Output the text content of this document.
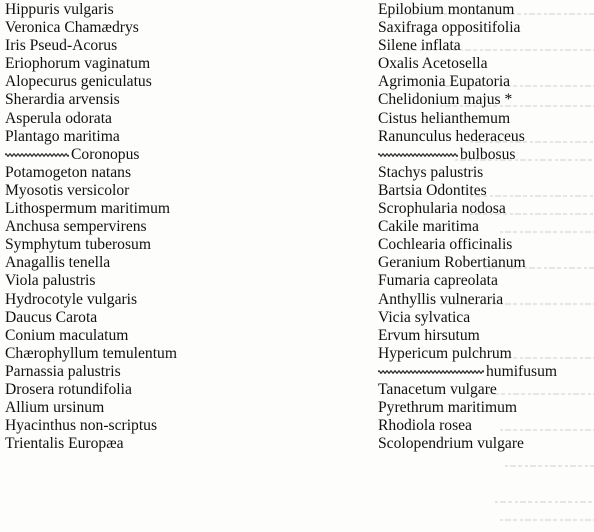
Hippuris vulgaris
Veronica Chamædrys
Iris Pseud-Acorus
Eriophorum vaginatum
Alopecurus geniculatus
Sherardia arvensis
Asperula odorata
Plantago maritima
Coronopus
Potamogeton natans
Myosotis versicolor
Lithospermum maritimum
Anchusa sempervirens
Symphytum tuberosum
Anagallis tenella
Viola palustris
Hydrocotyle vulgaris
Daucus Carota
Conium maculatum
Chærophyllum temulentum
Parnassia palustris
Drosera rotundifolia
Allium ursinum
Hyacinthus non-scriptus
Trientalis Europæa
Epilobium montanum
Saxifraga oppositifolia
Silene inflata
Oxalis Acetosella
Agrimonia Eupatoria
Chelidonium majus *
Cistus helianthemum
Ranunculus hederaceus
bulbosus
Stachys palustris
Bartsia Odontites
Scrophularia nodosa
Cakile maritima
Cochlearia officinalis
Geranium Robertianum
Fumaria capreolata
Anthyllis vulneraria
Vicia sylvatica
Ervum hirsutum
Hypericum pulchrum
humifusum
Tanacetum vulgare
Pyrethrum maritimum
Rhodiola rosea
Scolopendrium vulgare
